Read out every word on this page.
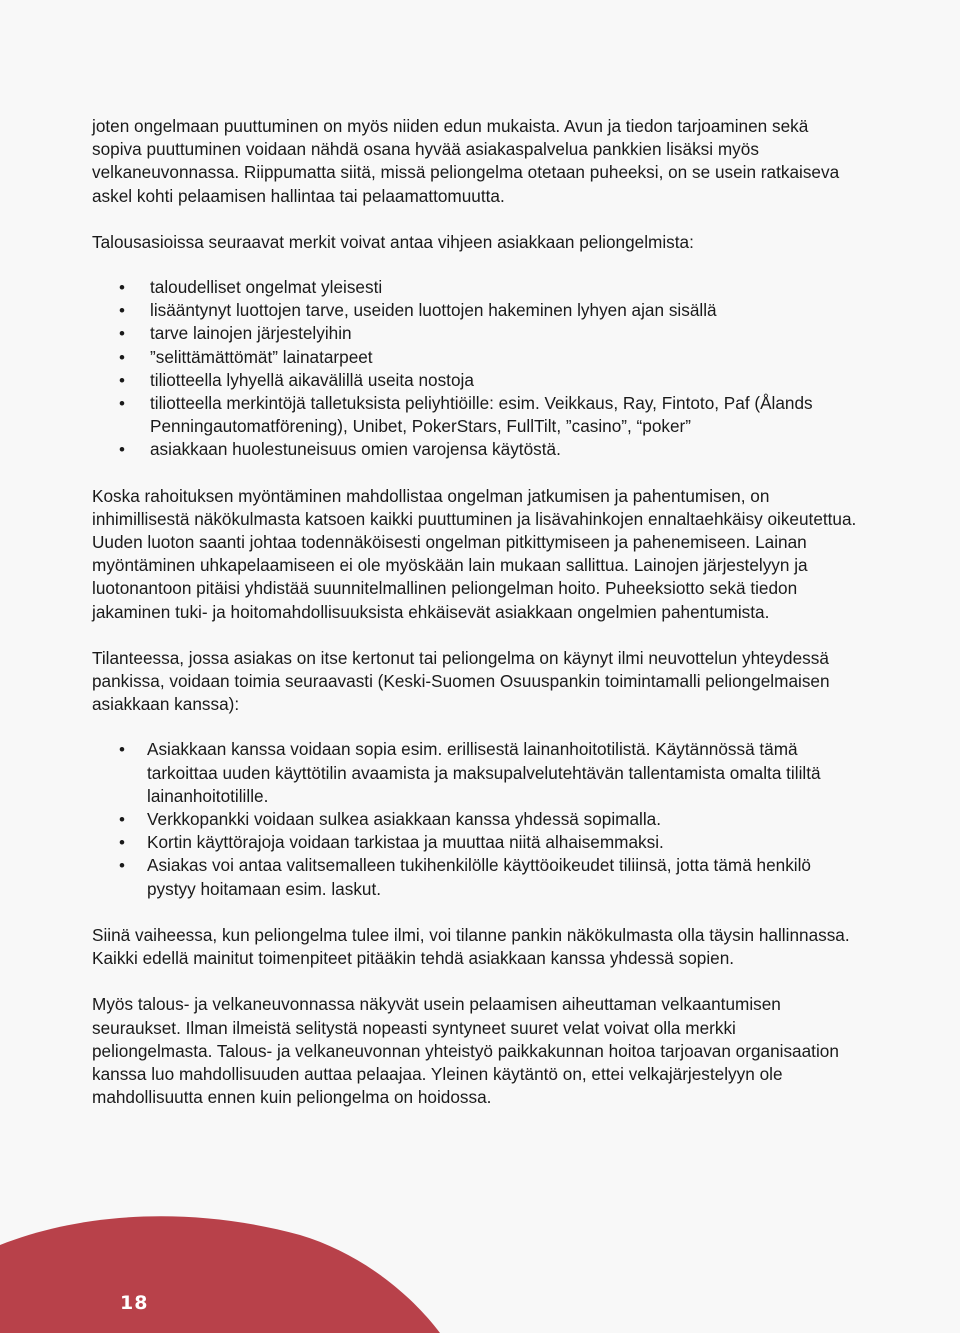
joten ongelmaan puuttuminen on myös niiden edun mukaista. Avun ja tiedon tarjoaminen sekä sopiva puuttuminen voidaan nähdä osana hyvää asiakaspalvelua pankkien lisäksi myös velkaneuvonnassa. Riippumatta siitä, missä peliongelma otetaan puheeksi, on se usein ratkaiseva askel kohti pelaamisen hallintaa tai pelaamattomuutta.

Talousasioissa seuraavat merkit voivat antaa vihjeen asiakkaan peliongelmista:

• taloudelliset ongelmat yleisesti
• lisääntynyt luottojen tarve, useiden luottojen hakeminen lyhyen ajan sisällä
• tarve lainojen järjestelyihin
• ”selittämättömät” lainatarpeet
• tiliotteella lyhyellä aikavälillä useita nostoja
• tiliotteella merkintöjä talletuksista peliyhtiöille: esim. Veikkaus, Ray, Fintoto, Paf (Ålands Penningautomatförening), Unibet, PokerStars, FullTilt, ”casino”, “poker”
• asiakkaan huolestuneisuus omien varojensa käytöstä.

Koska rahoituksen myöntäminen mahdollistaa ongelman jatkumisen ja pahentumisen, on inhimillisestä näkökulmasta katsoen kaikki puuttuminen ja lisävahinkojen ennaltaehkäisy oikeutettua. Uuden luoton saanti johtaa todennäköisesti ongelman pitkittymiseen ja pahenemiseen. Lainan myöntäminen uhkapelaamiseen ei ole myöskään lain mukaan sallittua. Lainojen järjestelyyn ja luotonantoon pitäisi yhdistää suunnitelmallinen peliongelman hoito. Puheeksiotto sekä tiedon jakaminen tuki- ja hoitomahdollisuuksista ehkäisevät asiakkaan ongelmien pahentumista.

Tilanteessa, jossa asiakas on itse kertonut tai peliongelma on käynyt ilmi neuvottelun yhteydessä pankissa, voidaan toimia seuraavasti (Keski-Suomen Osuuspankin toimintamalli peliongelmaisen asiakkaan kanssa):

• Asiakkaan kanssa voidaan sopia esim. erillisestä lainanhoitotilistä. Käytännössä tämä tarkoittaa uuden käyttötilin avaamista ja maksupalvelutehtävän tallentamista omalta tililtä lainanhoitotilille.
• Verkkopankki voidaan sulkea asiakkaan kanssa yhdessä sopimalla.
• Kortin käyttörajoja voidaan tarkistaa ja muuttaa niitä alhaisemmaksi.
• Asiakas voi antaa valitsemalleen tukihenkilölle käyttöoikeudet tiliinsä, jotta tämä henkilö pystyy hoitamaan esim. laskut.

Siinä vaiheessa, kun peliongelma tulee ilmi, voi tilanne pankin näkökulmasta olla täysin hallinnassa. Kaikki edellä mainitut toimenpiteet pitääkin tehdä asiakkaan kanssa yhdessä sopien.

Myös talous- ja velkaneuvonnassa näkyvät usein pelaamisen aiheuttaman velkaantumisen seuraukset. Ilman ilmeistä selitystä nopeasti syntyneet suuret velat voivat olla merkki peliongelmasta. Talous- ja velkaneuvonnan yhteistyö paikkakunnan hoitoa tarjoavan organisaation kanssa luo mahdollisuuden auttaa pelaajaa. Yleinen käytäntö on, ettei velkajärjestelyyn ole mahdollisuutta ennen kuin peliongelma on hoidossa.

18
